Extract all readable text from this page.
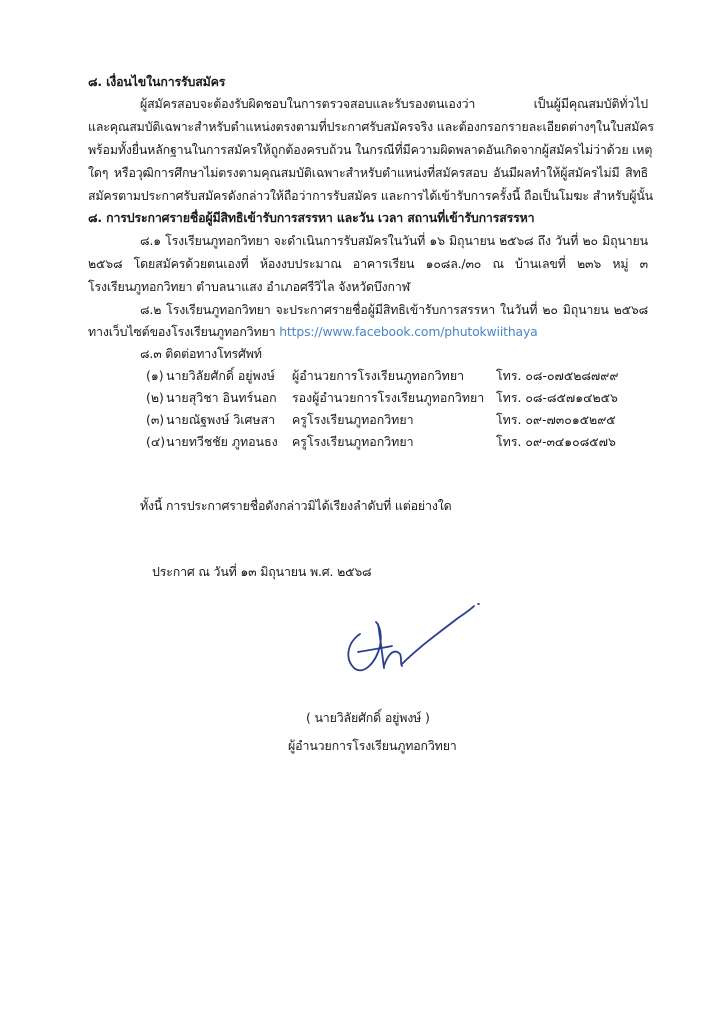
๘. เงื่อนไขในการรับสมัคร
ผู้สมัครสอบจะต้องรับผิดชอบในการตรวจสอบและรับรองตนเองว่า เป็นผู้มีคุณสมบัติทั่วไป
และคุณสมบัติเฉพาะสำหรับตำแหน่งตรงตามที่ประกาศรับสมัครจริง และต้องกรอกรายละเอียดต่างๆในใบสมัคร
พร้อมทั้งยื่นหลักฐานในการสมัครให้ถูกต้องครบถ้วน ในกรณีที่มีความผิดพลาดอันเกิดจากผู้สมัครไม่ว่าด้วย เหตุ
ใดๆ หรือวุฒิการศึกษาไม่ตรงตามคุณสมบัติเฉพาะสำหรับตำแหน่งที่สมัครสอบ อันมีผลทำให้ผู้สมัครไม่มี สิทธิ
สมัครตามประกาศรับสมัครดังกล่าวให้ถือว่าการรับสมัคร และการได้เข้ารับการครั้งนี้ ถือเป็นโมฆะ สำหรับผู้นั้น
๘. การประกาศรายชื่อผู้มีสิทธิเข้ารับการสรรหา และวัน เวลา สถานที่เข้ารับการสรรหา
๘.๑ โรงเรียนภูทอกวิทยา จะดำเนินการรับสมัครในวันที่ ๑๖ มิถุนายน ๒๕๖๘ ถึง วันที่ ๒๐ มิถุนายน
๒๕๖๘ โดยสมัครด้วยตนเองที่ ห้องงบประมาณ อาคารเรียน ๑๐๘ล./๓๐ ณ บ้านเลขที่ ๒๓๖ หมู่ ๓
โรงเรียนภูทอกวิทยา ตำบลนาแสง อำเภอศรีวิไล จังหวัดบึงกาฬ
๘.๒ โรงเรียนภูทอกวิทยา จะประกาศรายชื่อผู้มีสิทธิเข้ารับการสรรหา ในวันที่ ๒๐ มิถุนายน ๒๕๖๘
ทางเว็บไซต์ของโรงเรียนภูทอกวิทยา https://www.facebook.com/phutokwiithaya
๘.๓ ติดต่อทางโทรศัพท์
(๑) นายวิลัยศักดิ์ อยู่พงษ์ ผู้อำนวยการโรงเรียนภูทอกวิทยา	โทร. ๐๘-๐๗๕๒๘๗๙๙
(๒) นายสุวิชา อินทร์นอก รองผู้อำนวยการโรงเรียนภูทอกวิทยา โทร. ๐๘-๘๕๗๑๔๒๕๖
(๓) นายณัฐพงษ์ วิเศษสา ครูโรงเรียนภูทอกวิทยา	โทร. ๐๙-๗๓๐๑๕๒๙๕
(๔) นายทวีชชัย ภูทอนธง ครูโรงเรียนภูทอกวิทยา	โทร. ๐๙-๓๔๑๐๘๕๗๖
ทั้งนี้ การประกาศรายชื่อดังกล่าวมิได้เรียงลำดับที่ แต่อย่างใด
ประกาศ ณ วันที่ ๑๓ มิถุนายน พ.ศ. ๒๕๖๘
( นายวิลัยศักดิ์ อยู่พงษ์ )
ผู้อำนวยการโรงเรียนภูทอกวิทยา
